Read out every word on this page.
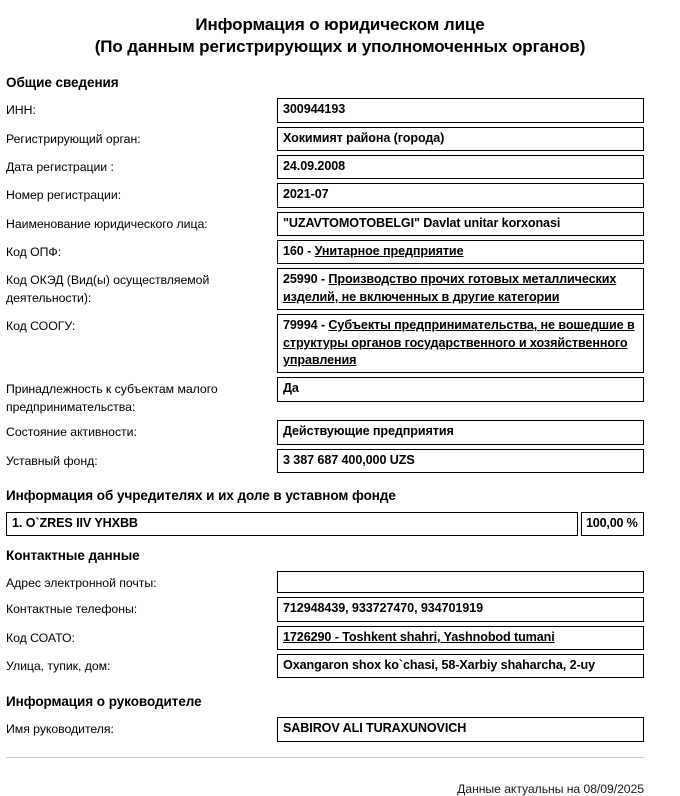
Информация о юридическом лице
(По данным регистрирующих и уполномоченных органов)
Общие сведения
ИНН:	300944193
Регистрирующий орган:	Хокимият района (города)
Дата регистрации :	24.09.2008
Номер регистрации:	2021-07
Наименование юридического лица:	"UZAVTOMOTOBELGI" Davlat unitar korxonasi
Код ОПФ:	160 - Унитарное предприятие
Код ОКЭД (Вид(ы) осуществляемой деятельности):
25990 - Производство прочих готовых металлических изделий, не включенных в другие категории
Код СООГУ:	79994 - Субъекты предпринимательства, не вошедшие в структуры органов государственного и хозяйственного управления
Принадлежность к субъектам малого предпринимательства:
Да
Состояние активности:	Действующие предприятия
Уставный фонд:	3 387 687 400,000 UZS
Информация об учредителях и их доле в уставном фонде
1. O`ZRES IIV YHXBB	100,00 %
Контактные данные
Адрес электронной почты:
Контактные телефоны:	712948439, 933727470, 934701919
Код СОАТО:	1726290 - Toshkent shahri, Yashnobod tumani
Улица, тупик, дом:	Oxangaron shox ko`chasi, 58-Xarbiy shaharcha, 2-uy
Информация о руководителе
Имя руководителя:	SABIROV ALI TURAXUNOVICH
Данные актуальны на 08/09/2025
